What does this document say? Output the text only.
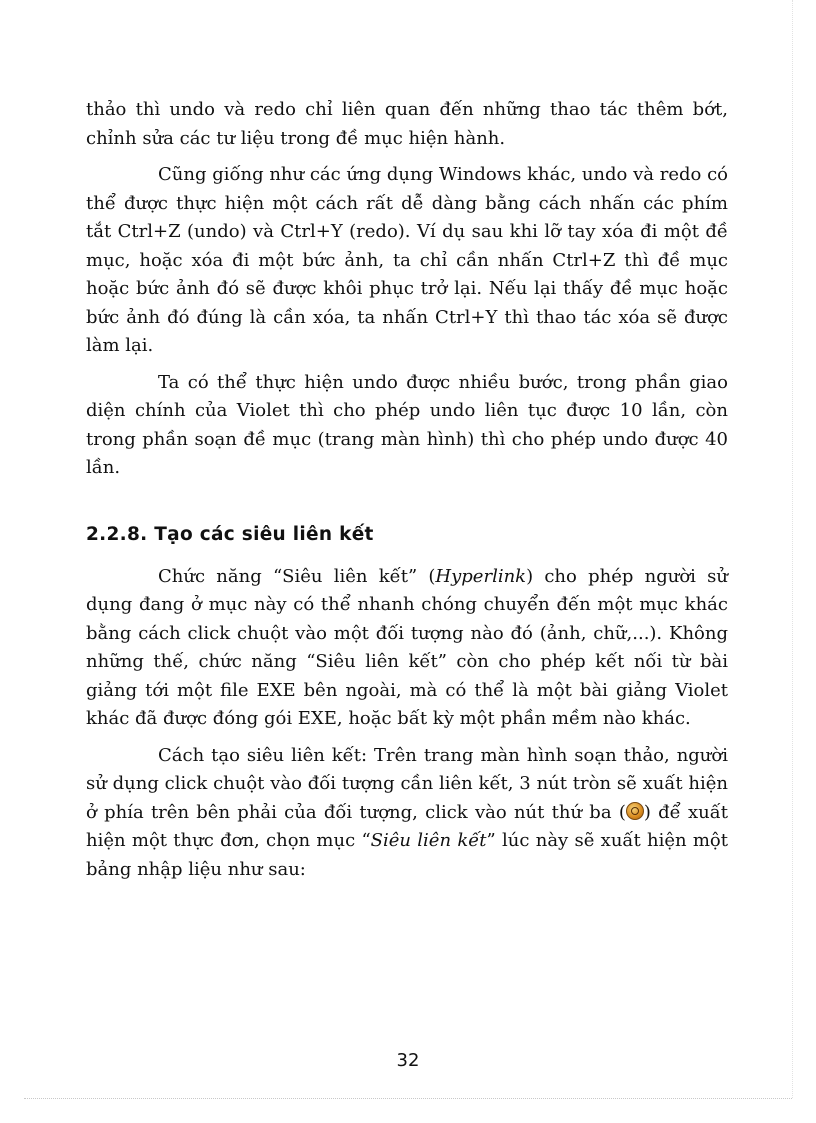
thảo thì undo và redo chỉ liên quan đến những thao tác thêm bớt, chỉnh sửa các tư liệu trong đề mục hiện hành.

Cũng giống như các ứng dụng Windows khác, undo và redo có thể được thực hiện một cách rất dễ dàng bằng cách nhấn các phím tắt Ctrl+Z (undo) và Ctrl+Y (redo). Ví dụ sau khi lỡ tay xóa đi một đề mục, hoặc xóa đi một bức ảnh, ta chỉ cần nhấn Ctrl+Z thì đề mục hoặc bức ảnh đó sẽ được khôi phục trở lại. Nếu lại thấy đề mục hoặc bức ảnh đó đúng là cần xóa, ta nhấn Ctrl+Y thì thao tác xóa sẽ được làm lại.

Ta có thể thực hiện undo được nhiều bước, trong phần giao diện chính của Violet thì cho phép undo liên tục được 10 lần, còn trong phần soạn đề mục (trang màn hình) thì cho phép undo được 40 lần.

2.2.8. Tạo các siêu liên kết

Chức năng “Siêu liên kết” (Hyperlink) cho phép người sử dụng đang ở mục này có thể nhanh chóng chuyển đến một mục khác bằng cách click chuột vào một đối tượng nào đó (ảnh, chữ,...). Không những thế, chức năng “Siêu liên kết” còn cho phép kết nối từ bài giảng tới một file EXE bên ngoài, mà có thể là một bài giảng Violet khác đã được đóng gói EXE, hoặc bất kỳ một phần mềm nào khác.

Cách tạo siêu liên kết: Trên trang màn hình soạn thảo, người sử dụng click chuột vào đối tượng cần liên kết, 3 nút tròn sẽ xuất hiện ở phía trên bên phải của đối tượng, click vào nút thứ ba ( ) để xuất hiện một thực đơn, chọn mục “Siêu liên kết” lúc này sẽ xuất hiện một bảng nhập liệu như sau:

32
